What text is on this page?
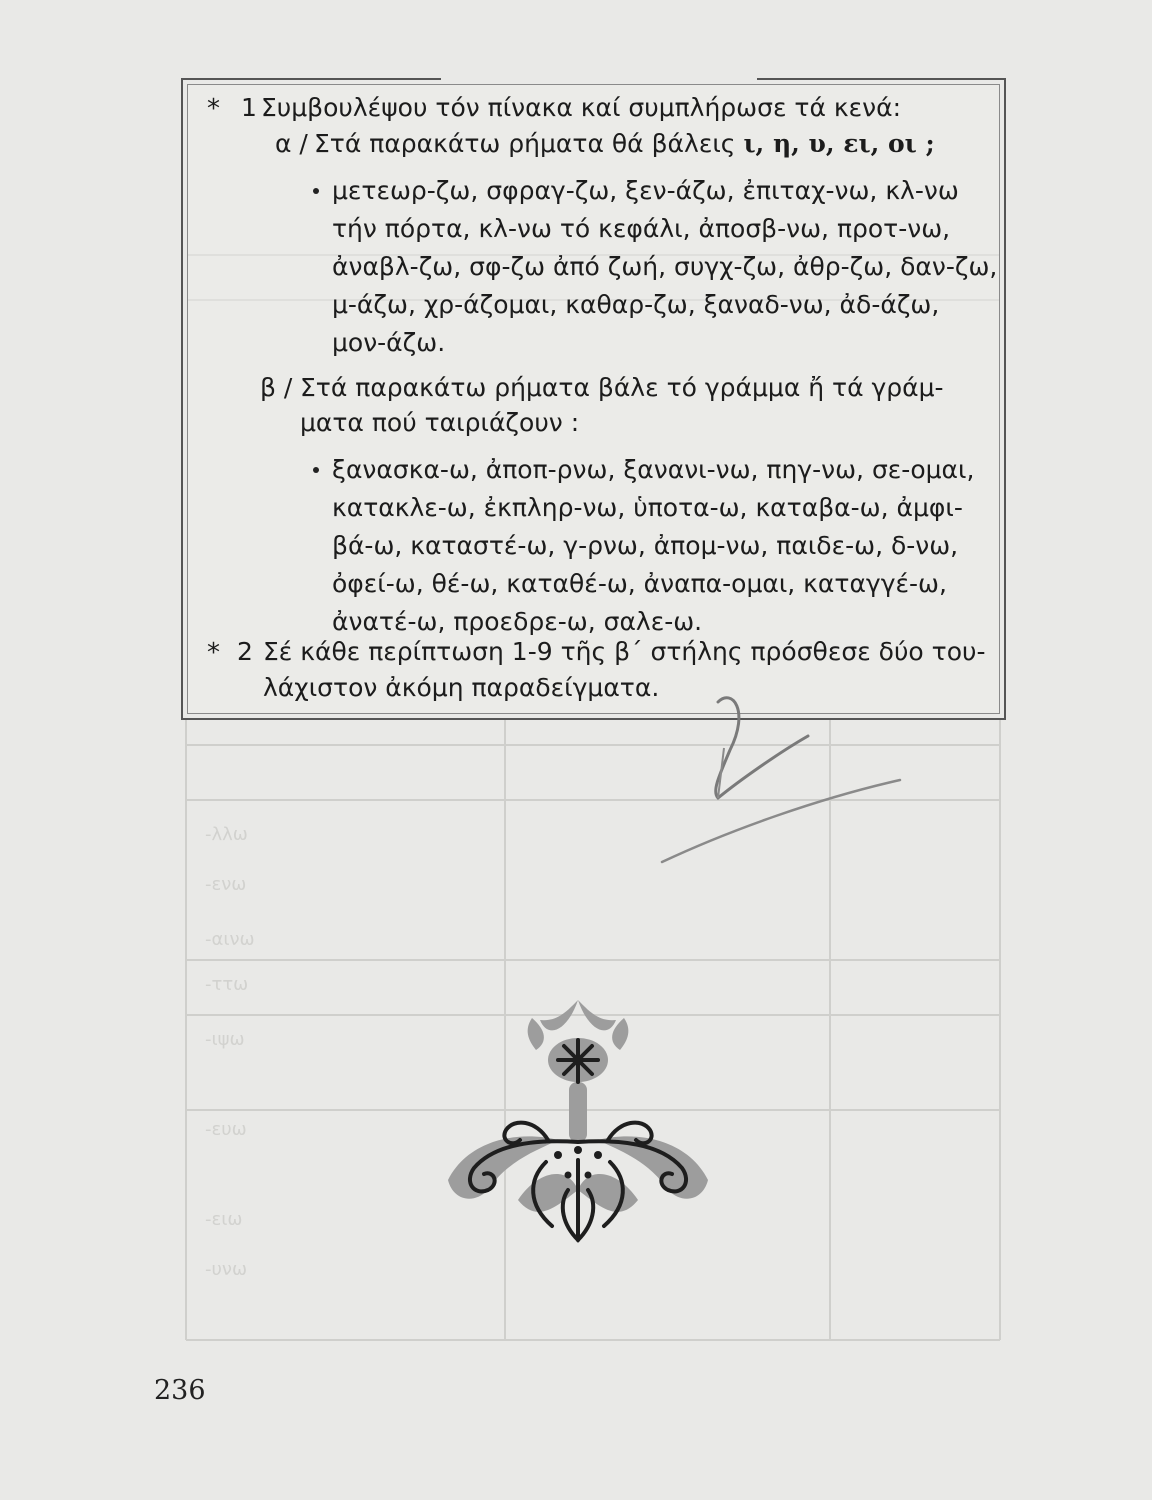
-λλω
-ενω
-αινω
-ττω
-ιψω
-ευω
-ειω
-υνω
* 1 Συμβουλέψου τόν πίνακα καί συμπλήρωσε τά κενά:
α / Στά παρακάτω ρήματα θά βάλεις ι, η, υ, ει, οι ;
μετεωρ-ζω, σφραγ-ζω, ξεν-άζω, ἐπιταχ-νω, κλ-νω
τήν πόρτα, κλ-νω τό κεφάλι, ἀποσβ-νω, προτ-νω,
ἀναβλ-ζω, σφ-ζω ἀπό ζωή, συγχ-ζω, ἀθρ-ζω, δαν-ζω,
μ-άζω, χρ-άζομαι, καθαρ-ζω, ξαναδ-νω, ἀδ-άζω,
μον-άζω.
β / Στά παρακάτω ρήματα βάλε τό γράμμα ἤ τά γράμ-
ματα πού ταιριάζουν :
ξανασκα-ω, ἀποπ-ρνω, ξανανι-νω, πηγ-νω, σε-ομαι,
κατακλε-ω, ἐκπληρ-νω, ὑποτα-ω, καταβα-ω, ἀμφι-
βά-ω, καταστέ-ω, γ-ρνω, ἀπομ-νω, παιδε-ω, δ-νω,
ὀφεί-ω, θέ-ω, καταθέ-ω, ἀναπα-ομαι, καταγγέ-ω,
ἀνατέ-ω, προεδρε-ω, σαλε-ω.
* 2 Σέ κάθε περίπτωση 1-9 τῆς β΄ στήλης πρόσθεσε δύο του-
λάχιστον ἀκόμη παραδείγματα.
236
